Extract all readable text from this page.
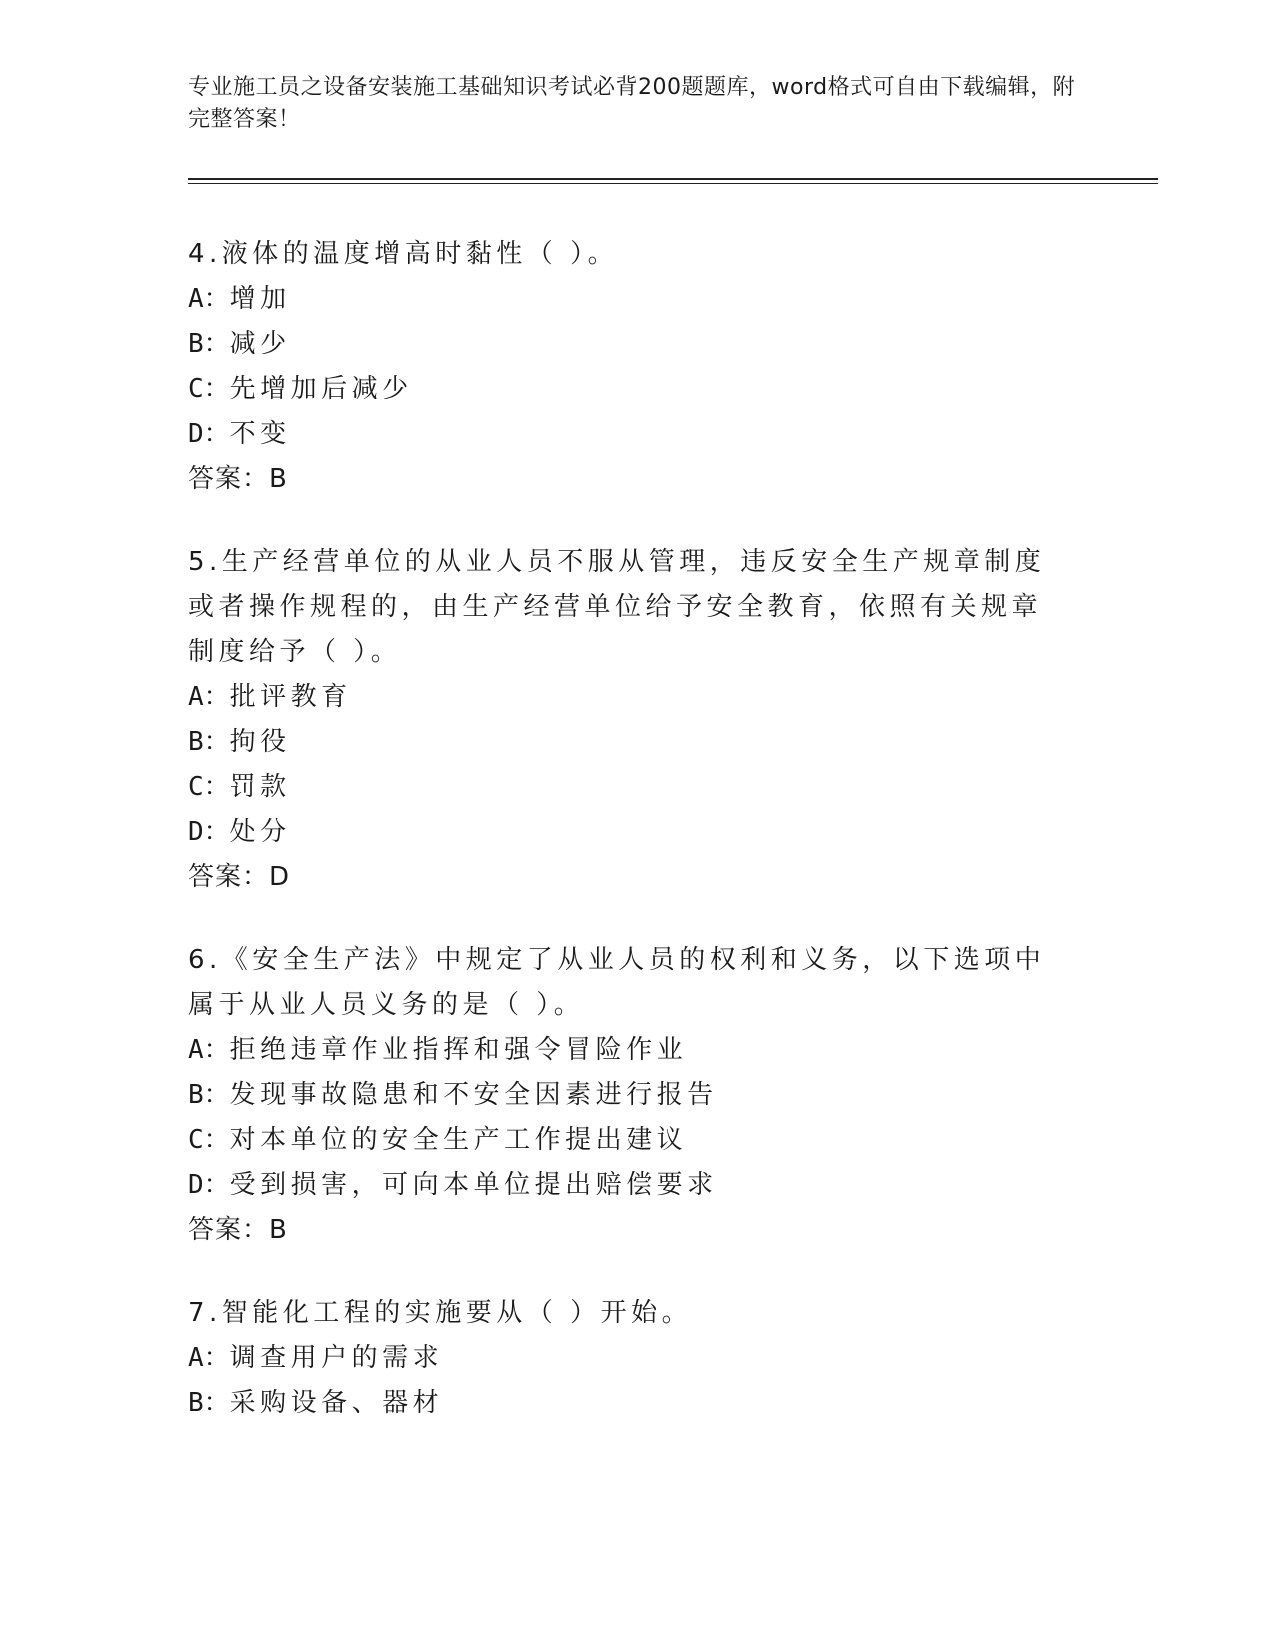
专业施工员之设备安装施工基础知识考试必背200题题库，word格式可自由下载编辑，附完整答案！
4.液体的温度增高时黏性（ ）。
A：增加
B：减少
C：先增加后减少
D：不变
答案：B
5.生产经营单位的从业人员不服从管理，违反安全生产规章制度或者操作规程的，由生产经营单位给予安全教育，依照有关规章制度给予（ ）。
A：批评教育
B：拘役
C：罚款
D：处分
答案：D
6.《安全生产法》中规定了从业人员的权利和义务，以下选项中属于从业人员义务的是（ ）。
A：拒绝违章作业指挥和强令冒险作业
B：发现事故隐患和不安全因素进行报告
C：对本单位的安全生产工作提出建议
D：受到损害，可向本单位提出赔偿要求
答案：B
7.智能化工程的实施要从（ ）开始。
A：调查用户的需求
B：采购设备、器材
